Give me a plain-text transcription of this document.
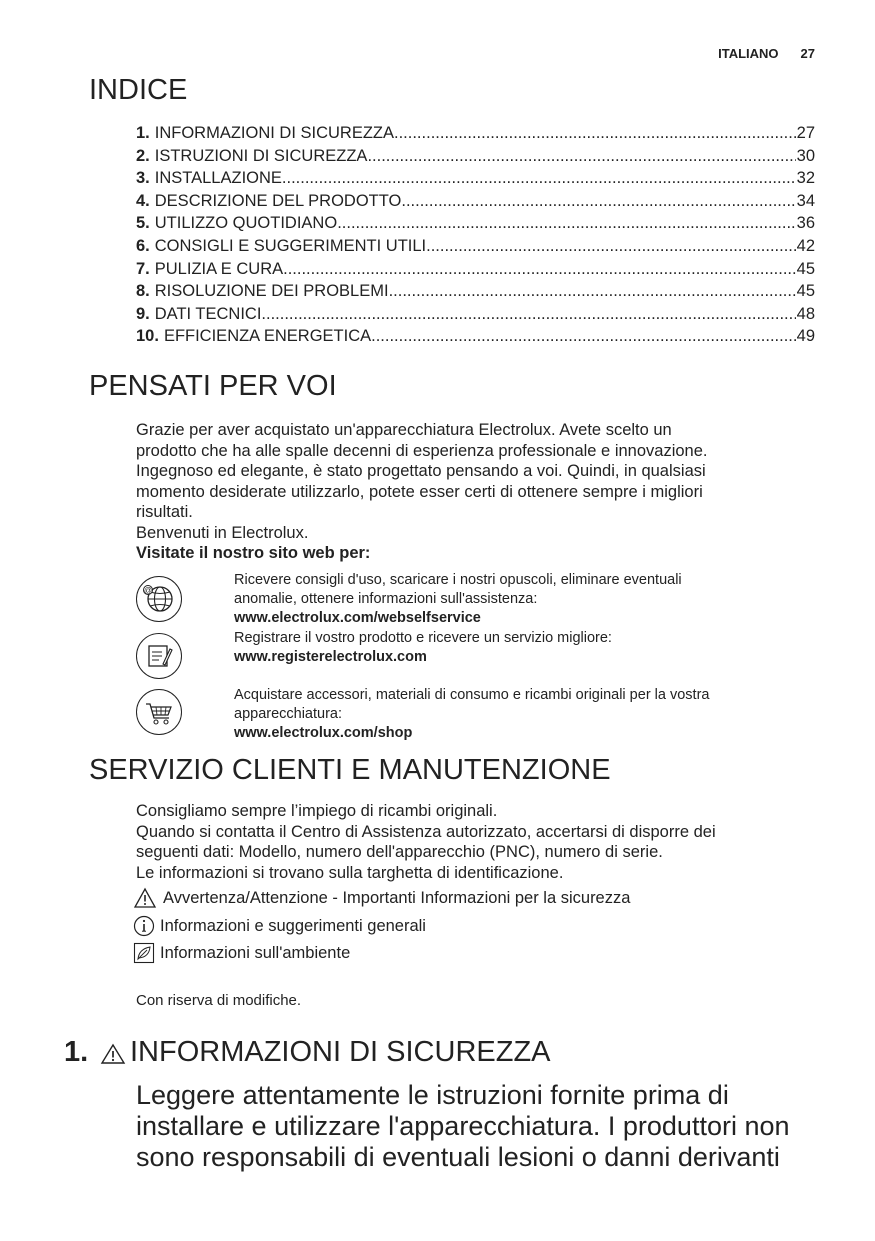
ITALIANO 27
INDICE
1. INFORMAZIONI DI SICUREZZA .....	27
2. ISTRUZIONI DI SICUREZZA .....	30
3. INSTALLAZIONE .....	32
4. DESCRIZIONE DEL PRODOTTO .....	34
5. UTILIZZO QUOTIDIANO .....	36
6. CONSIGLI E SUGGERIMENTI UTILI .....	42
7. PULIZIA E CURA .....	45
8. RISOLUZIONE DEI PROBLEMI .....	45
9. DATI TECNICI .....	48
10. EFFICIENZA ENERGETICA .....	49
PENSATI PER VOI

Grazie per aver acquistato un'apparecchiatura Electrolux. Avete scelto un

prodotto che ha alle spalle decenni di esperienza professionale e innovazione.

Ingegnoso ed elegante, è stato progettato pensando a voi. Quindi, in qualsiasi

momento desiderate utilizzarlo, potete esser certi di ottenere sempre i migliori

risultati.

Benvenuti in Electrolux.

Visitate il nostro sito web per:

@
Ricevere consigli d'uso, scaricare i nostri opuscoli, eliminare eventuali
anomalie, ottenere informazioni sull'assistenza:
www.electrolux.com/webselfservice
Registrare il vostro prodotto e ricevere un servizio migliore:
www.registerelectrolux.com
Acquistare accessori, materiali di consumo e ricambi originali per la vostra
apparecchiatura:
www.electrolux.com/shop
SERVIZIO CLIENTI E MANUTENZIONE

Consigliamo sempre l’impiego di ricambi originali.

Quando si contatta il Centro di Assistenza autorizzato, accertarsi di disporre dei

seguenti dati: Modello, numero dell'apparecchio (PNC), numero di serie.

Le informazioni si trovano sulla targhetta di identificazione.

Avvertenza/Attenzione - Importanti Informazioni per la sicurezza
Informazioni e suggerimenti generali
Informazioni sull'ambiente
Con riserva di modifiche.
1. INFORMAZIONI DI SICUREZZA
Leggere attentamente le istruzioni fornite prima di
installare e utilizzare l'apparecchiatura. I produttori non
sono responsabili di eventuali lesioni o danni derivanti
